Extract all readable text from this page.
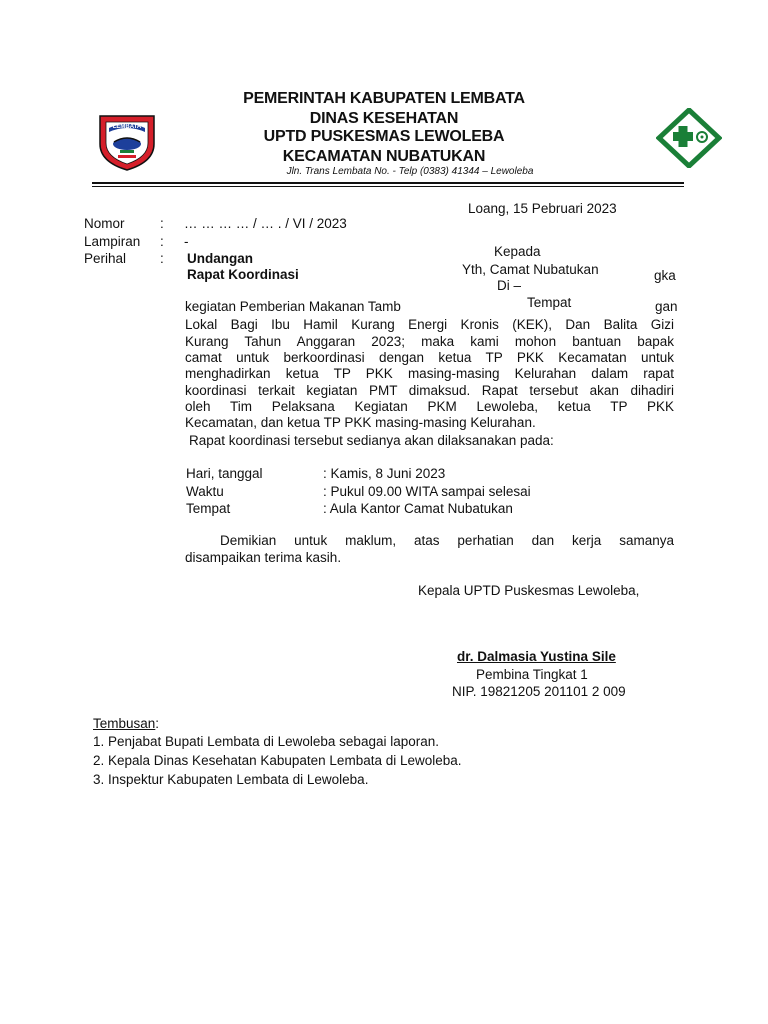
LEMBATA
PEMERINTAH KABUPATEN LEMBATA
DINAS KESEHATAN
UPTD PUSKESMAS LEWOLEBA
KECAMATAN NUBATUKAN
Jln. Trans Lembata No. - Telp (0383) 41344 – Lewoleba
Loang, 15 Pebruari 2023
Nomor	: … … … … / … . / VI / 2023
Lampiran : -
Perihal	: Undangan
Rapat Koordinasi
Kepada
Yth, Camat Nubatukan
Di –
Tempat
gka
gan
kegiatan Pemberian Makanan Tamb
Lokal Bagi Ibu Hamil Kurang Energi Kronis (KEK), Dan Balita Gizi
Kurang Tahun Anggaran 2023; maka kami mohon bantuan bapak
camat untuk berkoordinasi dengan ketua TP PKK Kecamatan untuk
menghadirkan ketua TP PKK masing-masing Kelurahan dalam rapat
koordinasi terkait kegiatan PMT dimaksud. Rapat tersebut akan dihadiri
oleh Tim Pelaksana Kegiatan PKM Lewoleba, ketua TP PKK
Kecamatan, dan ketua TP PKK masing-masing Kelurahan.
Rapat koordinasi tersebut sedianya akan dilaksanakan pada:
Hari, tanggal	: Kamis, 8 Juni 2023
Waktu	: Pukul 09.00 WITA sampai selesai
Tempat	: Aula Kantor Camat Nubatukan
Demikian untuk maklum, atas perhatian dan kerja samanya
disampaikan terima kasih.
Kepala UPTD Puskesmas Lewoleba,
dr. Dalmasia Yustina Sile
Pembina Tingkat 1
NIP. 19821205 201101 2 009
Tembusan:
1. Penjabat Bupati Lembata di Lewoleba sebagai laporan.
2. Kepala Dinas Kesehatan Kabupaten Lembata di Lewoleba.
3. Inspektur Kabupaten Lembata di Lewoleba.
